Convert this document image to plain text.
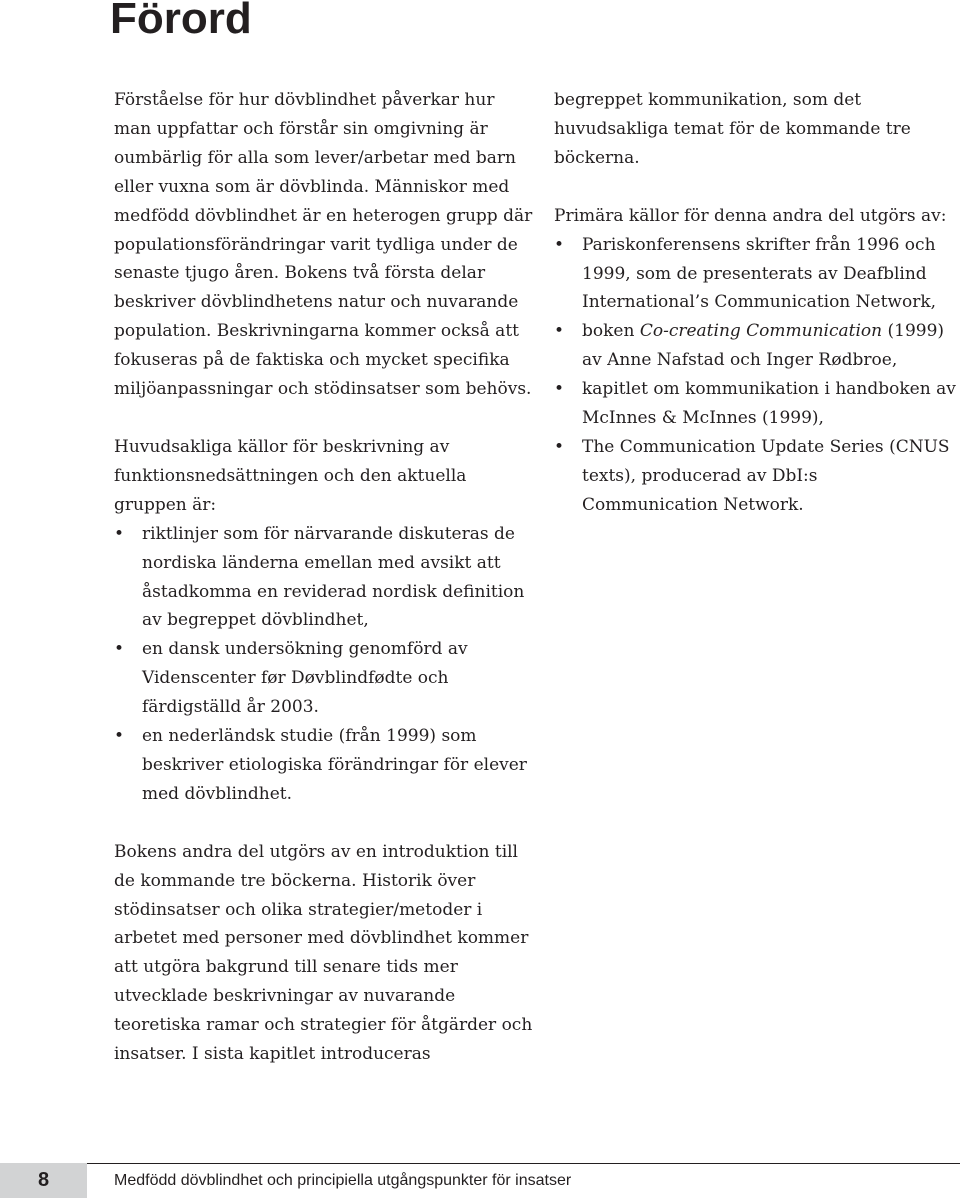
Förord

Förståelse för hur dövblindhet påverkar hur man uppfattar och förstår sin omgivning är oumbärlig för alla som lever/arbetar med barn eller vuxna som är dövblinda. Människor med medfödd dövblindhet är en heterogen grupp där populationsförändringar varit tydliga under de senaste tjugo åren. Bokens två första delar beskriver dövblindhetens natur och nuvarande population. Beskrivningarna kommer också att fokuseras på de faktiska och mycket specifika miljöanpassningar och stödinsatser som behövs.

Huvudsakliga källor för beskrivning av funktionsnedsättningen och den aktuella gruppen är:

• riktlinjer som för närvarande diskuteras de nordiska länderna emellan med avsikt att åstadkomma en reviderad nordisk definition av begreppet dövblindhet,
• en dansk undersökning genomförd av Videnscenter før Døvblindfødte och färdigställd år 2003.
• en nederländsk studie (från 1999) som beskriver etiologiska förändringar för elever med dövblindhet.

Bokens andra del utgörs av en introduktion till de kommande tre böckerna. Historik över stödinsatser och olika strategier/metoder i arbetet med personer med dövblindhet kommer att utgöra bakgrund till senare tids mer utvecklade beskrivningar av nuvarande teoretiska ramar och strategier för åtgärder och insatser. I sista kapitlet introduceras

begreppet kommunikation, som det huvudsakliga temat för de kommande tre böckerna.

Primära källor för denna andra del utgörs av:

• Pariskonferensens skrifter från 1996 och 1999, som de presenterats av Deafblind International’s Communication Network,
• boken Co-creating Communication (1999) av Anne Nafstad och Inger Rødbroe,
• kapitlet om kommunikation i handboken av McInnes & McInnes (1999),
• The Communication Update Series (CNUS texts), producerad av DbI:s Communication Network.
8	Medfödd dövblindhet och principiella utgångspunkter för insatser
